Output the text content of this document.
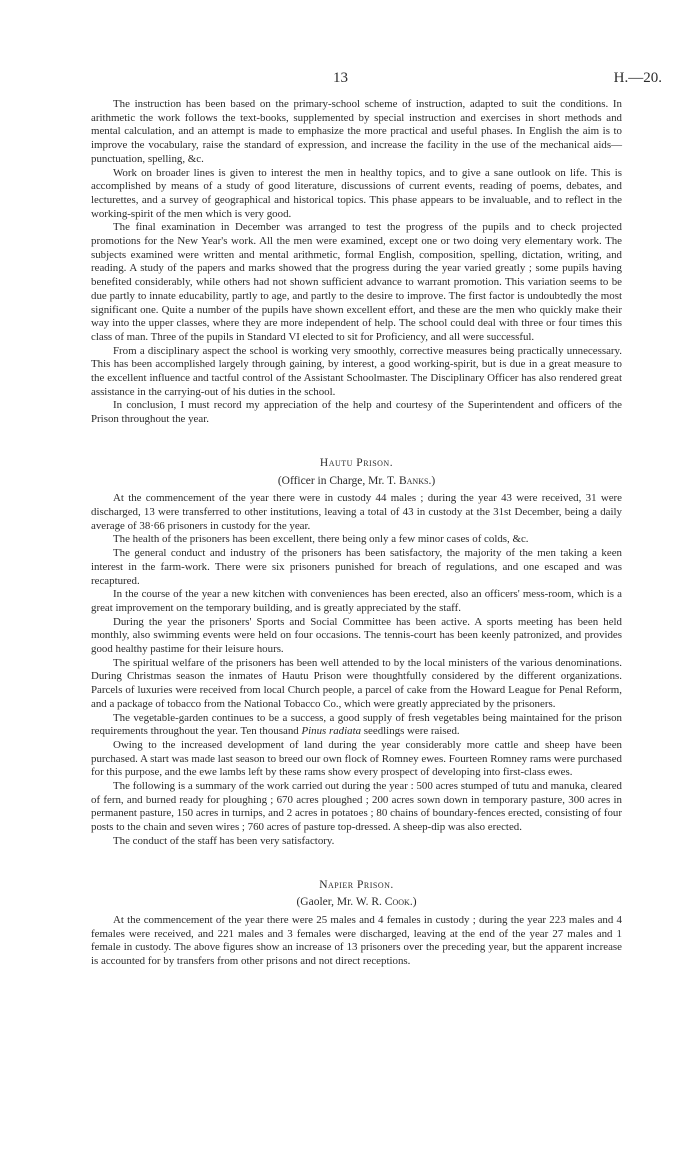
13	H.—20.

The instruction has been based on the primary-school scheme of instruction, adapted to suit the conditions. In arithmetic the work follows the text-books, supplemented by special instruction and exercises in short methods and mental calculation, and an attempt is made to emphasize the more practical and useful phases. In English the aim is to improve the vocabulary, raise the standard of expression, and increase the facility in the use of the mechanical aids—punctuation, spelling, &c.

Work on broader lines is given to interest the men in healthy topics, and to give a sane outlook on life. This is accomplished by means of a study of good literature, discussions of current events, reading of poems, debates, and lecturettes, and a survey of geographical and historical topics. This phase appears to be invaluable, and to reflect in the working-spirit of the men which is very good.

The final examination in December was arranged to test the progress of the pupils and to check projected promotions for the New Year's work. All the men were examined, except one or two doing very elementary work. The subjects examined were written and mental arithmetic, formal English, composition, spelling, dictation, writing, and reading. A study of the papers and marks showed that the progress during the year varied greatly ; some pupils having benefited considerably, while others had not shown sufficient advance to warrant promotion. This variation seems to be due partly to innate educability, partly to age, and partly to the desire to improve. The first factor is undoubtedly the most significant one. Quite a number of the pupils have shown excellent effort, and these are the men who quickly make their way into the upper classes, where they are more independent of help. The school could deal with three or four times this class of man. Three of the pupils in Standard VI elected to sit for Proficiency, and all were successful.

From a disciplinary aspect the school is working very smoothly, corrective measures being practically unnecessary. This has been accomplished largely through gaining, by interest, a good working-spirit, but is due in a great measure to the excellent influence and tactful control of the Assistant Schoolmaster. The Disciplinary Officer has also rendered great assistance in the carrying-out of his duties in the school.

In conclusion, I must record my appreciation of the help and courtesy of the Superintendent and officers of the Prison throughout the year.

Hautu Prison.

(Officer in Charge, Mr. T. Banks.)

At the commencement of the year there were in custody 44 males ; during the year 43 were received, 31 were discharged, 13 were transferred to other institutions, leaving a total of 43 in custody at the 31st December, being a daily average of 38·66 prisoners in custody for the year.

The health of the prisoners has been excellent, there being only a few minor cases of colds, &c.

The general conduct and industry of the prisoners has been satisfactory, the majority of the men taking a keen interest in the farm-work. There were six prisoners punished for breach of regulations, and one escaped and was recaptured.

In the course of the year a new kitchen with conveniences has been erected, also an officers' mess-room, which is a great improvement on the temporary building, and is greatly appreciated by the staff.

During the year the prisoners' Sports and Social Committee has been active. A sports meeting has been held monthly, also swimming events were held on four occasions. The tennis-court has been keenly patronized, and provides good healthy pastime for their leisure hours.

The spiritual welfare of the prisoners has been well attended to by the local ministers of the various denominations. During Christmas season the inmates of Hautu Prison were thoughtfully considered by the different organizations. Parcels of luxuries were received from local Church people, a parcel of cake from the Howard League for Penal Reform, and a package of tobacco from the National Tobacco Co., which were greatly appreciated by the prisoners.

The vegetable-garden continues to be a success, a good supply of fresh vegetables being maintained for the prison requirements throughout the year. Ten thousand Pinus radiata seedlings were raised.

Owing to the increased development of land during the year considerably more cattle and sheep have been purchased. A start was made last season to breed our own flock of Romney ewes. Fourteen Romney rams were purchased for this purpose, and the ewe lambs left by these rams show every prospect of developing into first-class ewes.

The following is a summary of the work carried out during the year : 500 acres stumped of tutu and manuka, cleared of fern, and burned ready for ploughing ; 670 acres ploughed ; 200 acres sown down in temporary pasture, 300 acres in permanent pasture, 150 acres in turnips, and 2 acres in potatoes ; 80 chains of boundary-fences erected, consisting of four posts to the chain and seven wires ; 760 acres of pasture top-dressed. A sheep-dip was also erected.

The conduct of the staff has been very satisfactory.

Napier Prison.

(Gaoler, Mr. W. R. Cook.)

At the commencement of the year there were 25 males and 4 females in custody ; during the year 223 males and 4 females were received, and 221 males and 3 females were discharged, leaving at the end of the year 27 males and 1 female in custody. The above figures show an increase of 13 prisoners over the preceding year, but the apparent increase is accounted for by transfers from other prisons and not direct receptions.
